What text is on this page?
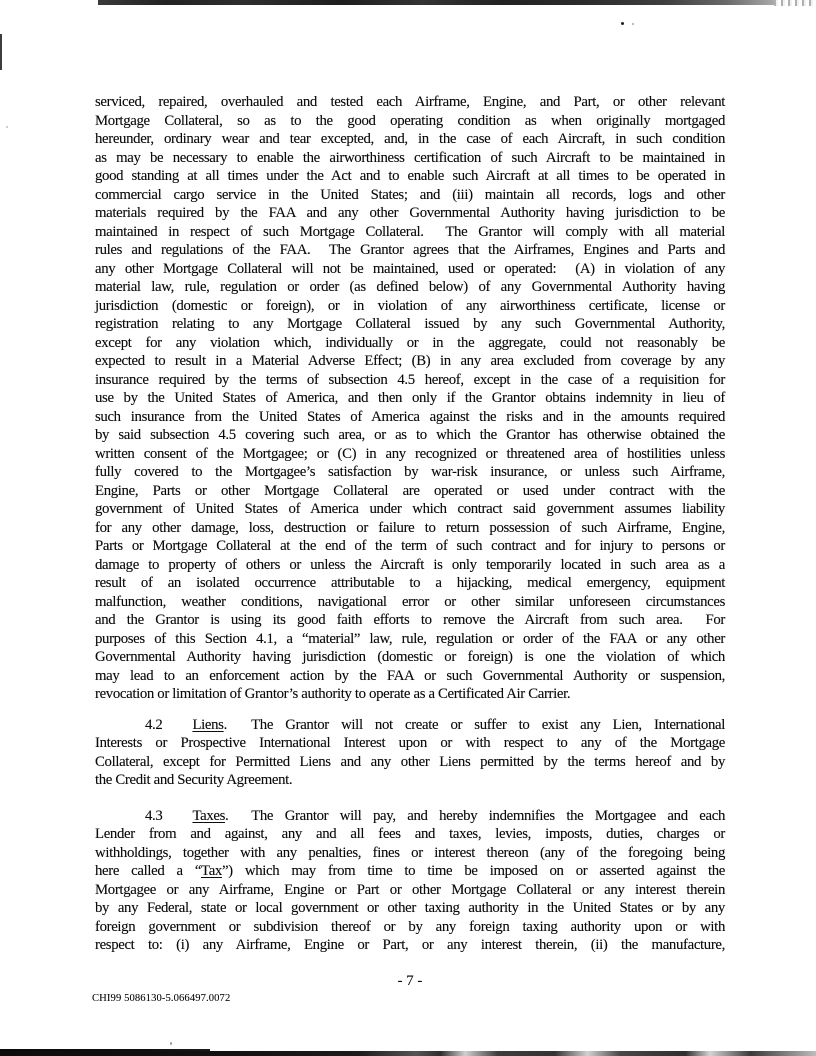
serviced, repaired, overhauled and tested each Airframe, Engine, and Part, or other relevant
Mortgage Collateral, so as to the good operating condition as when originally mortgaged
hereunder, ordinary wear and tear excepted, and, in the case of each Aircraft, in such condition
as may be necessary to enable the airworthiness certification of such Aircraft to be maintained in
good standing at all times under the Act and to enable such Aircraft at all times to be operated in
commercial cargo service in the United States; and (iii) maintain all records, logs and other
materials required by the FAA and any other Governmental Authority having jurisdiction to be
maintained in respect of such Mortgage Collateral.  The Grantor will comply with all material
rules and regulations of the FAA.  The Grantor agrees that the Airframes, Engines and Parts and
any other Mortgage Collateral will not be maintained, used or operated:  (A) in violation of any
material law, rule, regulation or order (as defined below) of any Governmental Authority having
jurisdiction (domestic or foreign), or in violation of any airworthiness certificate, license or
registration relating to any Mortgage Collateral issued by any such Governmental Authority,
except for any violation which, individually or in the aggregate, could not reasonably be
expected to result in a Material Adverse Effect; (B) in any area excluded from coverage by any
insurance required by the terms of subsection 4.5 hereof, except in the case of a requisition for
use by the United States of America, and then only if the Grantor obtains indemnity in lieu of
such insurance from the United States of America against the risks and in the amounts required
by said subsection 4.5 covering such area, or as to which the Grantor has otherwise obtained the
written consent of the Mortgagee; or (C) in any recognized or threatened area of hostilities unless
fully covered to the Mortgagee’s satisfaction by war-risk insurance, or unless such Airframe,
Engine, Parts or other Mortgage Collateral are operated or used under contract with the
government of United States of America under which contract said government assumes liability
for any other damage, loss, destruction or failure to return possession of such Airframe, Engine,
Parts or Mortgage Collateral at the end of the term of such contract and for injury to persons or
damage to property of others or unless the Aircraft is only temporarily located in such area as a
result of an isolated occurrence attributable to a hijacking, medical emergency, equipment
malfunction, weather conditions, navigational error or other similar unforeseen circumstances
and the Grantor is using its good faith efforts to remove the Aircraft from such area.  For
purposes of this Section 4.1, a “material” law, rule, regulation or order of the FAA or any other
Governmental Authority having jurisdiction (domestic or foreign) is one the violation of which
may lead to an enforcement action by the FAA or such Governmental Authority or suspension,
revocation or limitation of Grantor’s authority to operate as a Certificated Air Carrier.
4.2 Liens.  The Grantor will not create or suffer to exist any Lien, International
Interests or Prospective International Interest upon or with respect to any of the Mortgage
Collateral, except for Permitted Liens and any other Liens permitted by the terms hereof and by
the Credit and Security Agreement.
4.3 Taxes.  The Grantor will pay, and hereby indemnifies the Mortgagee and each
Lender from and against, any and all fees and taxes, levies, imposts, duties, charges or
withholdings, together with any penalties, fines or interest thereon (any of the foregoing being
here called a “Tax”) which may from time to time be imposed on or asserted against the
Mortgagee or any Airframe, Engine or Part or other Mortgage Collateral or any interest therein
by any Federal, state or local government or other taxing authority in the United States or by any
foreign government or subdivision thereof or by any foreign taxing authority upon or with
respect to: (i) any Airframe, Engine or Part, or any interest therein, (ii) the manufacture,
- 7 -
CHI99 5086130-5.066497.0072
